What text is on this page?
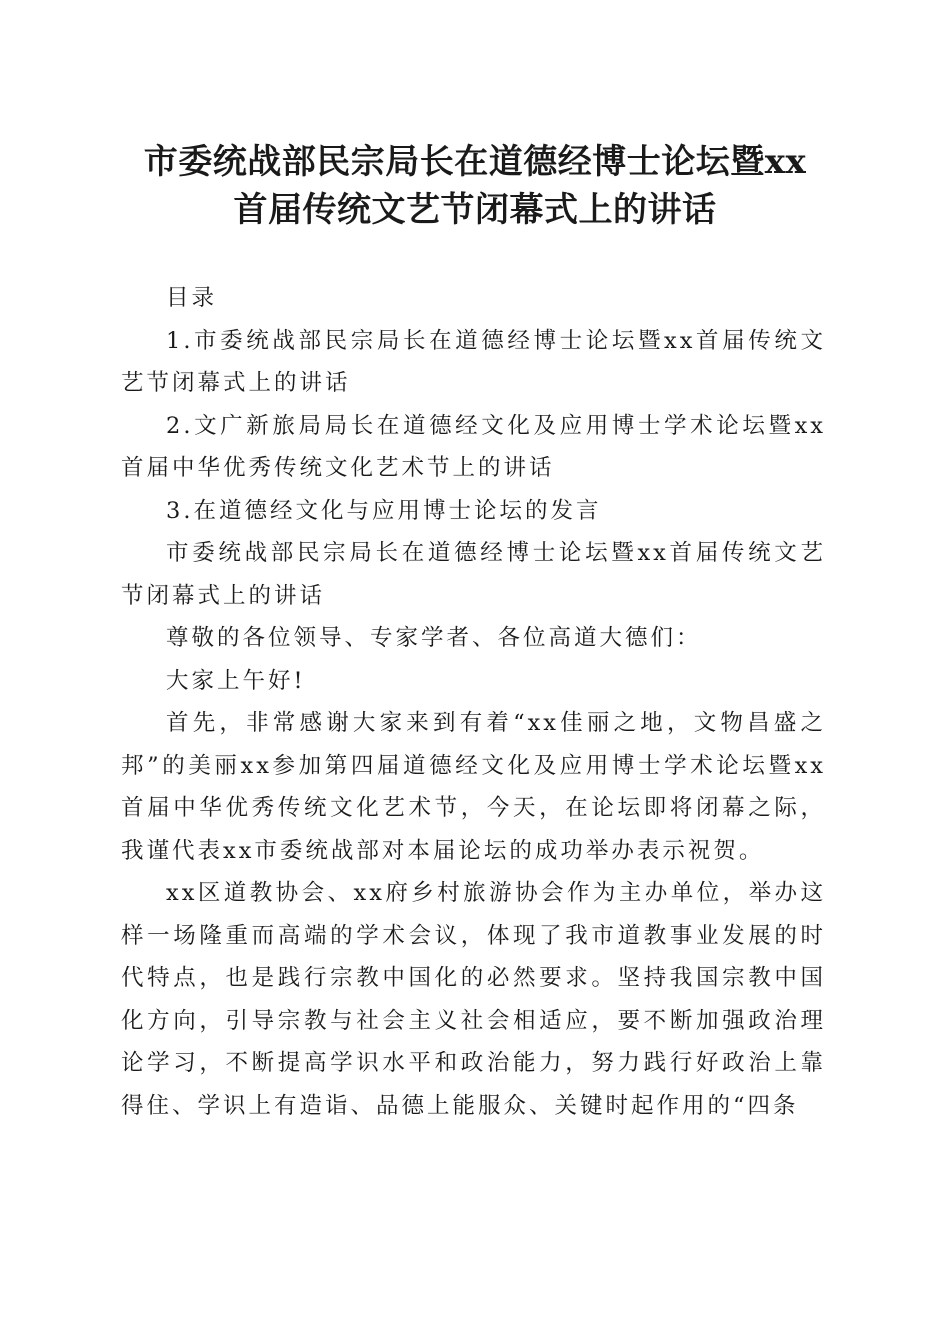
市委统战部民宗局长在道德经博士论坛暨xx
首届传统文艺节闭幕式上的讲话

目录

1.市委统战部民宗局长在道德经博士论坛暨xx首届传统文艺节闭幕式上的讲话

2.文广新旅局局长在道德经文化及应用博士学术论坛暨xx首届中华优秀传统文化艺术节上的讲话

3.在道德经文化与应用博士论坛的发言

市委统战部民宗局长在道德经博士论坛暨xx首届传统文艺节闭幕式上的讲话

尊敬的各位领导、专家学者、各位高道大德们：

大家上午好!

首先，非常感谢大家来到有着“xx佳丽之地，文物昌盛之邦”的美丽xx参加第四届道德经文化及应用博士学术论坛暨xx首届中华优秀传统文化艺术节，今天，在论坛即将闭幕之际，我谨代表xx市委统战部对本届论坛的成功举办表示祝贺。

xx区道教协会、xx府乡村旅游协会作为主办单位，举办这样一场隆重而高端的学术会议，体现了我市道教事业发展的时代特点，也是践行宗教中国化的必然要求。坚持我国宗教中国化方向，引导宗教与社会主义社会相适应，要不断加强政治理论学习，不断提高学识水平和政治能力，努力践行好政治上靠得住、学识上有造诣、品德上能服众、关键时起作用的“四条
